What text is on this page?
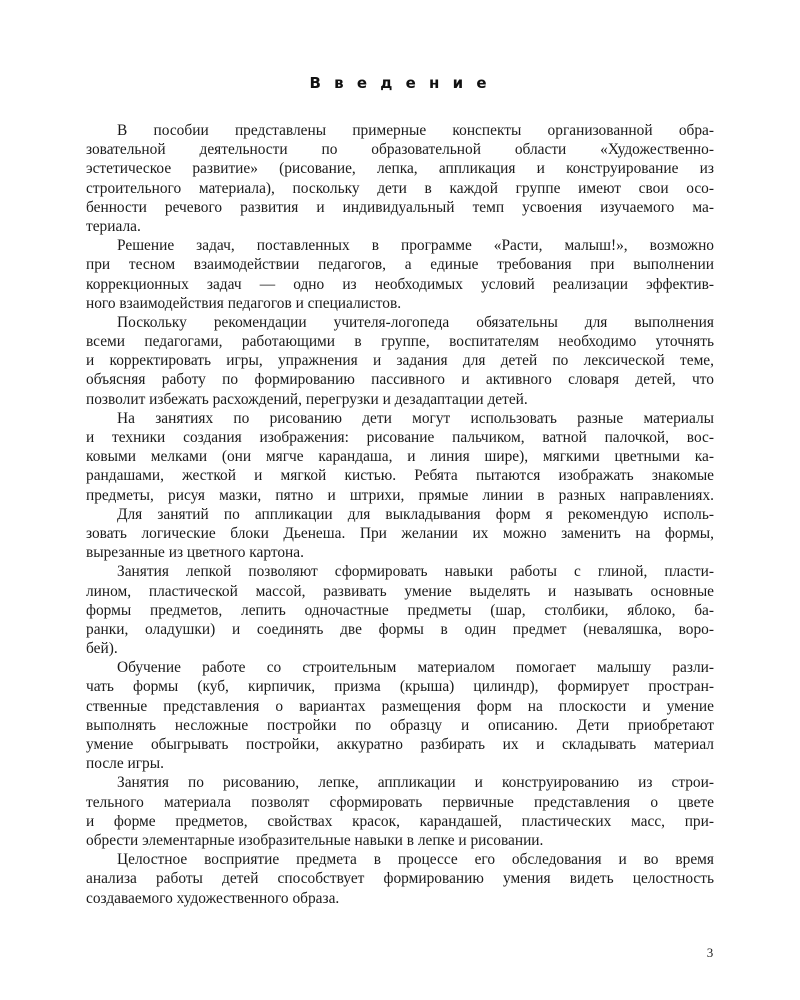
В в е д е н и е
В пособии представлены примерные конспекты организованной обра-
зовательной деятельности по образовательной области «Художественно-
эстетическое развитие» (рисование, лепка, аппликация и конструирование из
строительного материала), поскольку дети в каждой группе имеют свои осо-
бенности речевого развития и индивидуальный темп усвоения изучаемого ма-
териала.
Решение задач, поставленных в программе «Расти, малыш!», возможно
при тесном взаимодействии педагогов, а единые требования при выполнении
коррекционных задач — одно из необходимых условий реализации эффектив-
ного взаимодействия педагогов и специалистов.
Поскольку рекомендации учителя-логопеда обязательны для выполнения
всеми педагогами, работающими в группе, воспитателям необходимо уточнять
и корректировать игры, упражнения и задания для детей по лексической теме,
объясняя работу по формированию пассивного и активного словаря детей, что
позволит избежать расхождений, перегрузки и дезадаптации детей.
На занятиях по рисованию дети могут использовать разные материалы
и техники создания изображения: рисование пальчиком, ватной палочкой, вос-
ковыми мелками (они мягче карандаша, и линия шире), мягкими цветными ка-
рандашами, жесткой и мягкой кистью. Ребята пытаются изображать знакомые
предметы, рисуя мазки, пятно и штрихи, прямые линии в разных направлениях.
Для занятий по аппликации для выкладывания форм я рекомендую исполь-
зовать логические блоки Дьенеша. При желании их можно заменить на формы,
вырезанные из цветного картона.
Занятия лепкой позволяют сформировать навыки работы с глиной, пласти-
лином, пластической массой, развивать умение выделять и называть основные
формы предметов, лепить одночастные предметы (шар, столбики, яблоко, ба-
ранки, оладушки) и соединять две формы в один предмет (неваляшка, воро-
бей).
Обучение работе со строительным материалом помогает малышу разли-
чать формы (куб, кирпичик, призма (крыша) цилиндр), формирует простран-
ственные представления о вариантах размещения форм на плоскости и умение
выполнять несложные постройки по образцу и описанию. Дети приобретают
умение обыгрывать постройки, аккуратно разбирать их и складывать материал
после игры.
Занятия по рисованию, лепке, аппликации и конструированию из строи-
тельного материала позволят сформировать первичные представления о цвете
и форме предметов, свойствах красок, карандашей, пластических масс, при-
обрести элементарные изобразительные навыки в лепке и рисовании.
Целостное восприятие предмета в процессе его обследования и во время
анализа работы детей способствует формированию умения видеть целостность
создаваемого художественного образа.
3
